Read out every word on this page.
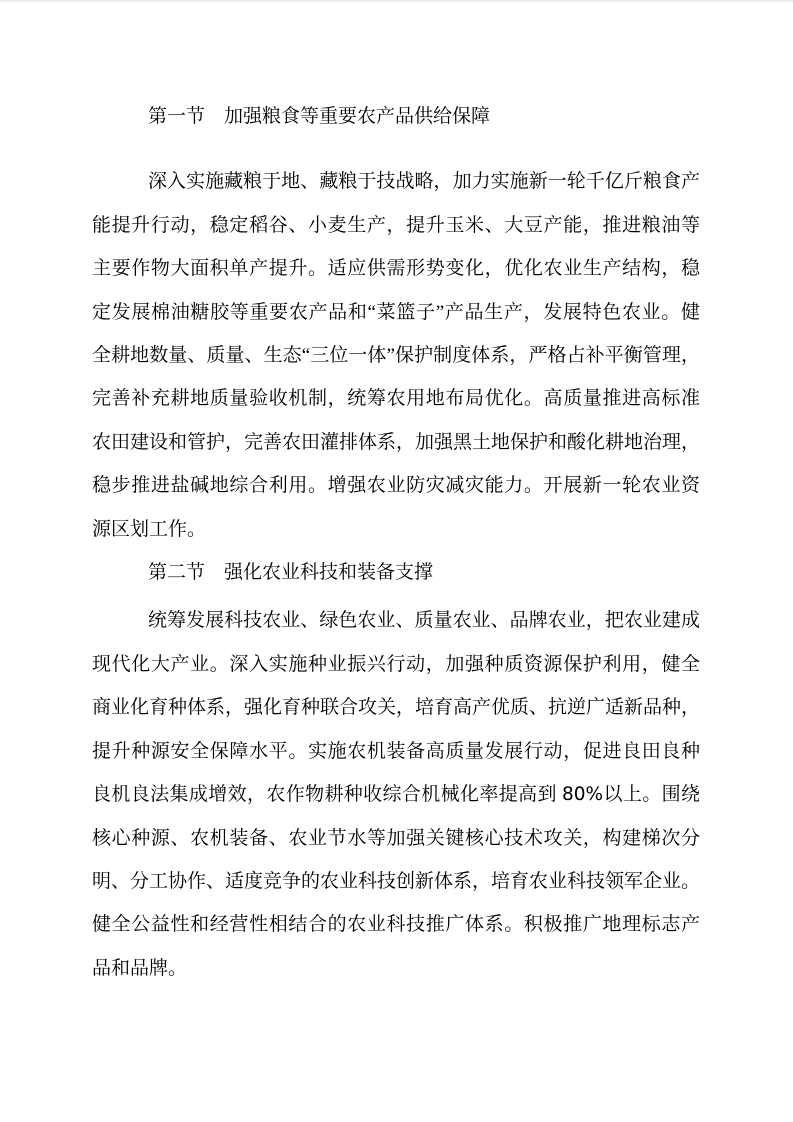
第一节　加强粮食等重要农产品供给保障
深入实施藏粮于地、藏粮于技战略，加力实施新一轮千亿斤粮食产
能提升行动，稳定稻谷、小麦生产，提升玉米、大豆产能，推进粮油等
主要作物大面积单产提升。适应供需形势变化，优化农业生产结构，稳
定发展棉油糖胶等重要农产品和“菜篮子”产品生产，发展特色农业。健
全耕地数量、质量、生态“三位一体”保护制度体系，严格占补平衡管理，
完善补充耕地质量验收机制，统筹农用地布局优化。高质量推进高标准
农田建设和管护，完善农田灌排体系，加强黑土地保护和酸化耕地治理，
稳步推进盐碱地综合利用。增强农业防灾减灾能力。开展新一轮农业资
源区划工作。
第二节　强化农业科技和装备支撑
统筹发展科技农业、绿色农业、质量农业、品牌农业，把农业建成
现代化大产业。深入实施种业振兴行动，加强种质资源保护利用，健全
商业化育种体系，强化育种联合攻关，培育高产优质、抗逆广适新品种，
提升种源安全保障水平。实施农机装备高质量发展行动，促进良田良种
良机良法集成增效，农作物耕种收综合机械化率提高到 80%以上。围绕
核心种源、农机装备、农业节水等加强关键核心技术攻关，构建梯次分
明、分工协作、适度竞争的农业科技创新体系，培育农业科技领军企业。
健全公益性和经营性相结合的农业科技推广体系。积极推广地理标志产
品和品牌。
